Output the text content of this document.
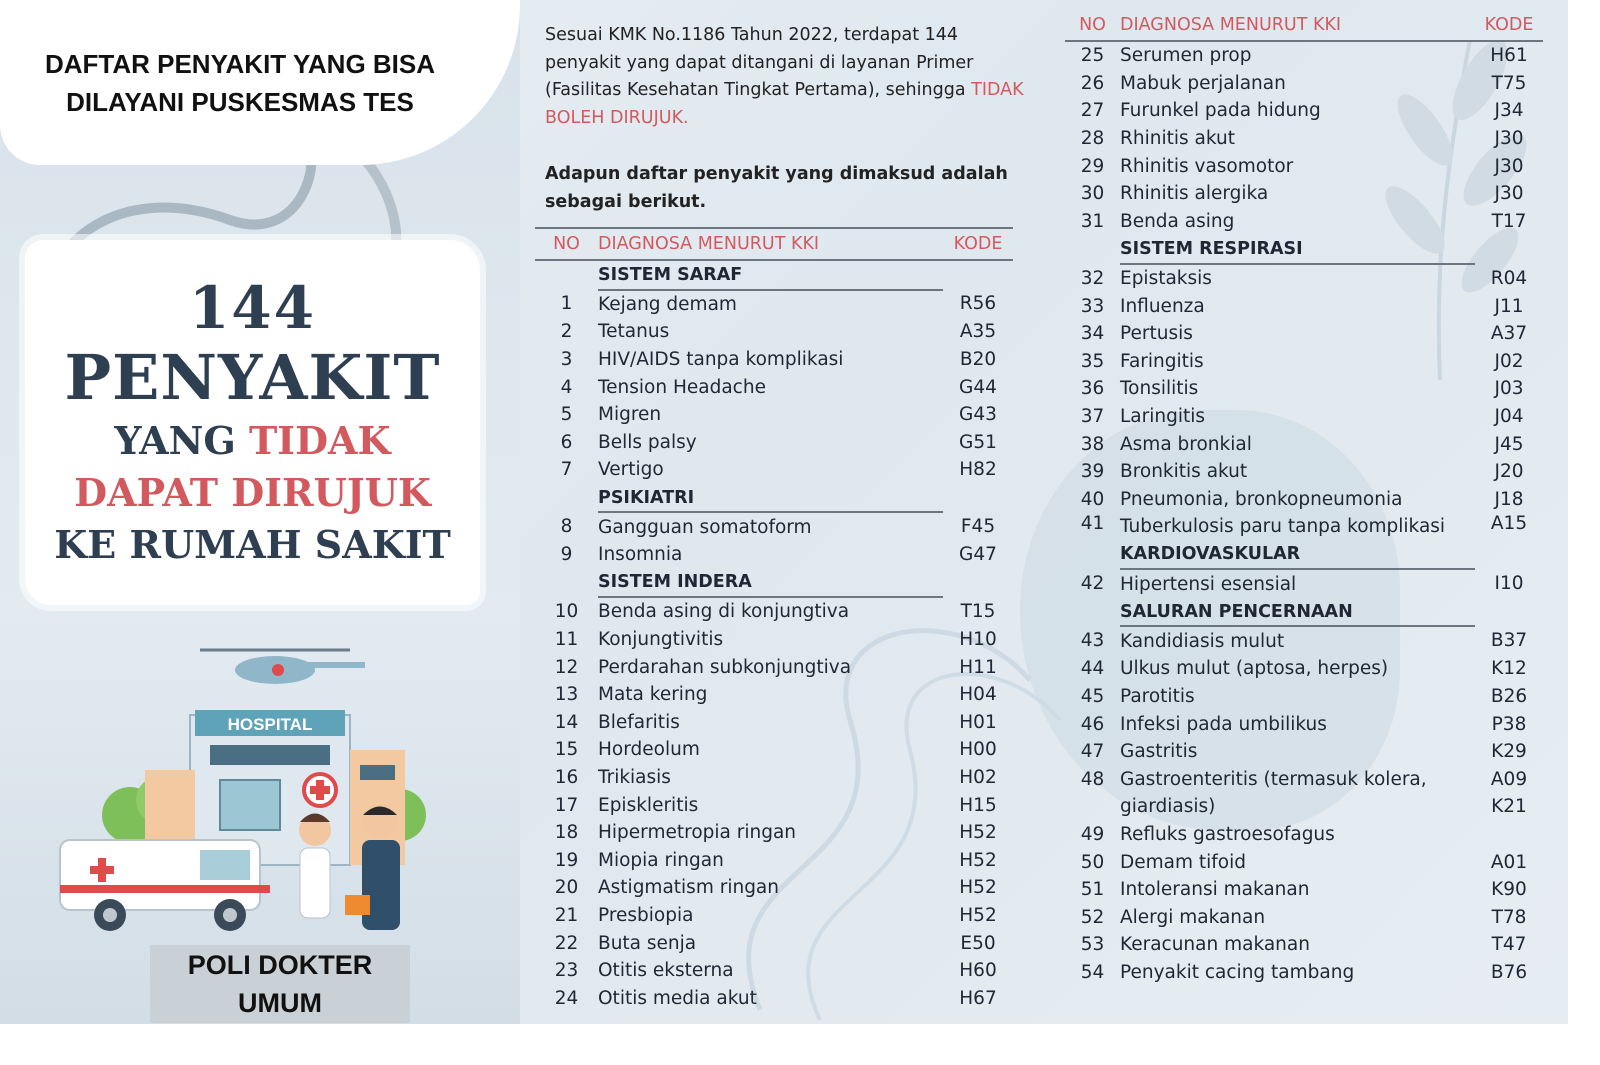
DAFTAR PENYAKIT YANG BISA
DILAYANI PUSKESMAS TES
144
PENYAKIT
YANG TIDAK
DAPAT DIRUJUK
KE RUMAH SAKIT
HOSPITAL
POLI DOKTER
UMUM
Sesuai KMK No.1186 Tahun 2022, terdapat 144 penyakit yang dapat ditangani di layanan Primer (Fasilitas Kesehatan Tingkat Pertama), sehingga TIDAK BOLEH DIRUJUK.
Adapun daftar penyakit yang dimaksud adalah sebagai berikut.
NO	DIAGNOSA MENURUT KKI	KODE
	SISTEM SARAF	
1	Kejang demam	R56
2	Tetanus	A35
3	HIV/AIDS tanpa komplikasi	B20
4	Tension Headache	G44
5	Migren	G43
6	Bells palsy	G51
7	Vertigo	H82
	PSIKIATRI	
8	Gangguan somatoform	F45
9	Insomnia	G47
	SISTEM INDERA	
10	Benda asing di konjungtiva	T15
11	Konjungtivitis	H10
12	Perdarahan subkonjungtiva	H11
13	Mata kering	H04
14	Blefaritis	H01
15	Hordeolum	H00
16	Trikiasis	H02
17	Episkleritis	H15
18	Hipermetropia ringan	H52
19	Miopia ringan	H52
20	Astigmatism ringan	H52
21	Presbiopia	H52
22	Buta senja	E50
23	Otitis eksterna	H60
24	Otitis media akut	H67
NO	DIAGNOSA MENURUT KKI	KODE
25	Serumen prop	H61
26	Mabuk perjalanan	T75
27	Furunkel pada hidung	J34
28	Rhinitis akut	J30
29	Rhinitis vasomotor	J30
30	Rhinitis alergika	J30
31	Benda asing	T17
	SISTEM RESPIRASI	
32	Epistaksis	R04
33	Influenza	J11
34	Pertusis	A37
35	Faringitis	J02
36	Tonsilitis	J03
37	Laringitis	J04
38	Asma bronkial	J45
39	Bronkitis akut	J20
40	Pneumonia, bronkopneumonia	J18
41	Tuberkulosis paru tanpa komplikasi	A15
	KARDIOVASKULAR	
42	Hipertensi esensial	I10
	SALURAN PENCERNAAN	
43	Kandidiasis mulut	B37
44	Ulkus mulut (aptosa, herpes)	K12
45	Parotitis	B26
46	Infeksi pada umbilikus	P38
47	Gastritis	K29
48	Gastroenteritis (termasuk kolera,	A09
	giardiasis)	K21
49	Refluks gastroesofagus	
50	Demam tifoid	A01
51	Intoleransi makanan	K90
52	Alergi makanan	T78
53	Keracunan makanan	T47
54	Penyakit cacing tambang	B76
